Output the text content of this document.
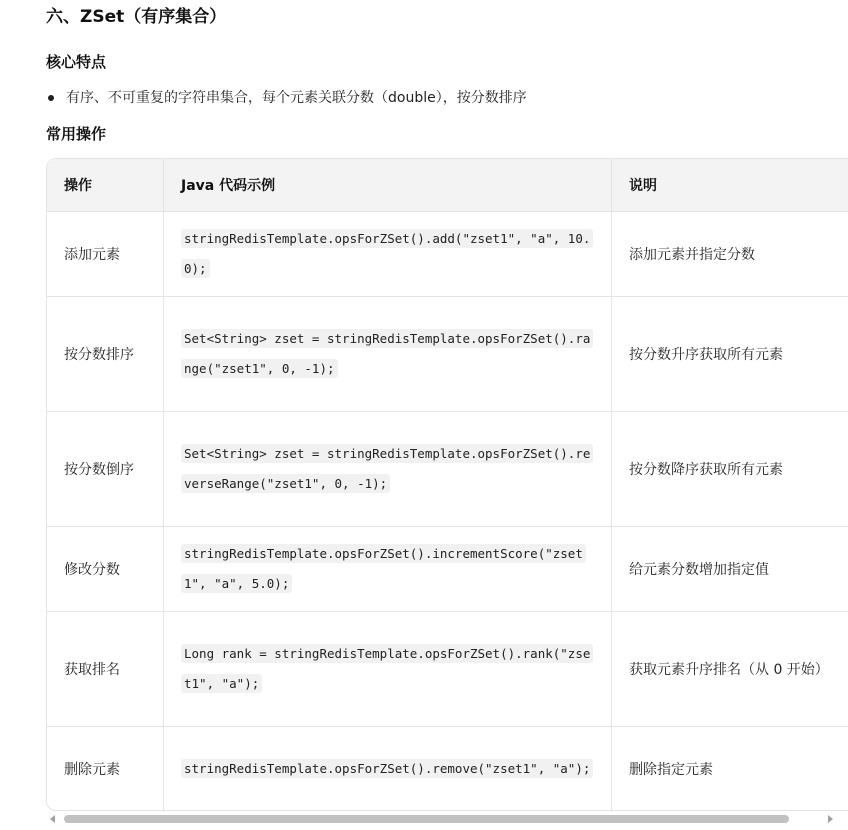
六、ZSet（有序集合）
核心特点
有序、不可重复的字符串集合，每个元素关联分数（double），按分数排序
常用操作
操作	Java 代码示例	说明
添加元素	stringRedisTemplate.opsForZSet().add("zset1", "a", 10.0);	添加元素并指定分数
按分数排序	Set<String> zset = stringRedisTemplate.opsForZSet().range("zset1", 0, -1);	按分数升序获取所有元素
按分数倒序	Set<String> zset = stringRedisTemplate.opsForZSet().reverseRange("zset1", 0, -1);	按分数降序获取所有元素
修改分数	stringRedisTemplate.opsForZSet().incrementScore("zset1", "a", 5.0);	给元素分数增加指定值
获取排名	Long rank = stringRedisTemplate.opsForZSet().rank("zset1", "a");	获取元素升序排名（从 0 开始）
删除元素	stringRedisTemplate.opsForZSet().remove("zset1", "a");	删除指定元素
